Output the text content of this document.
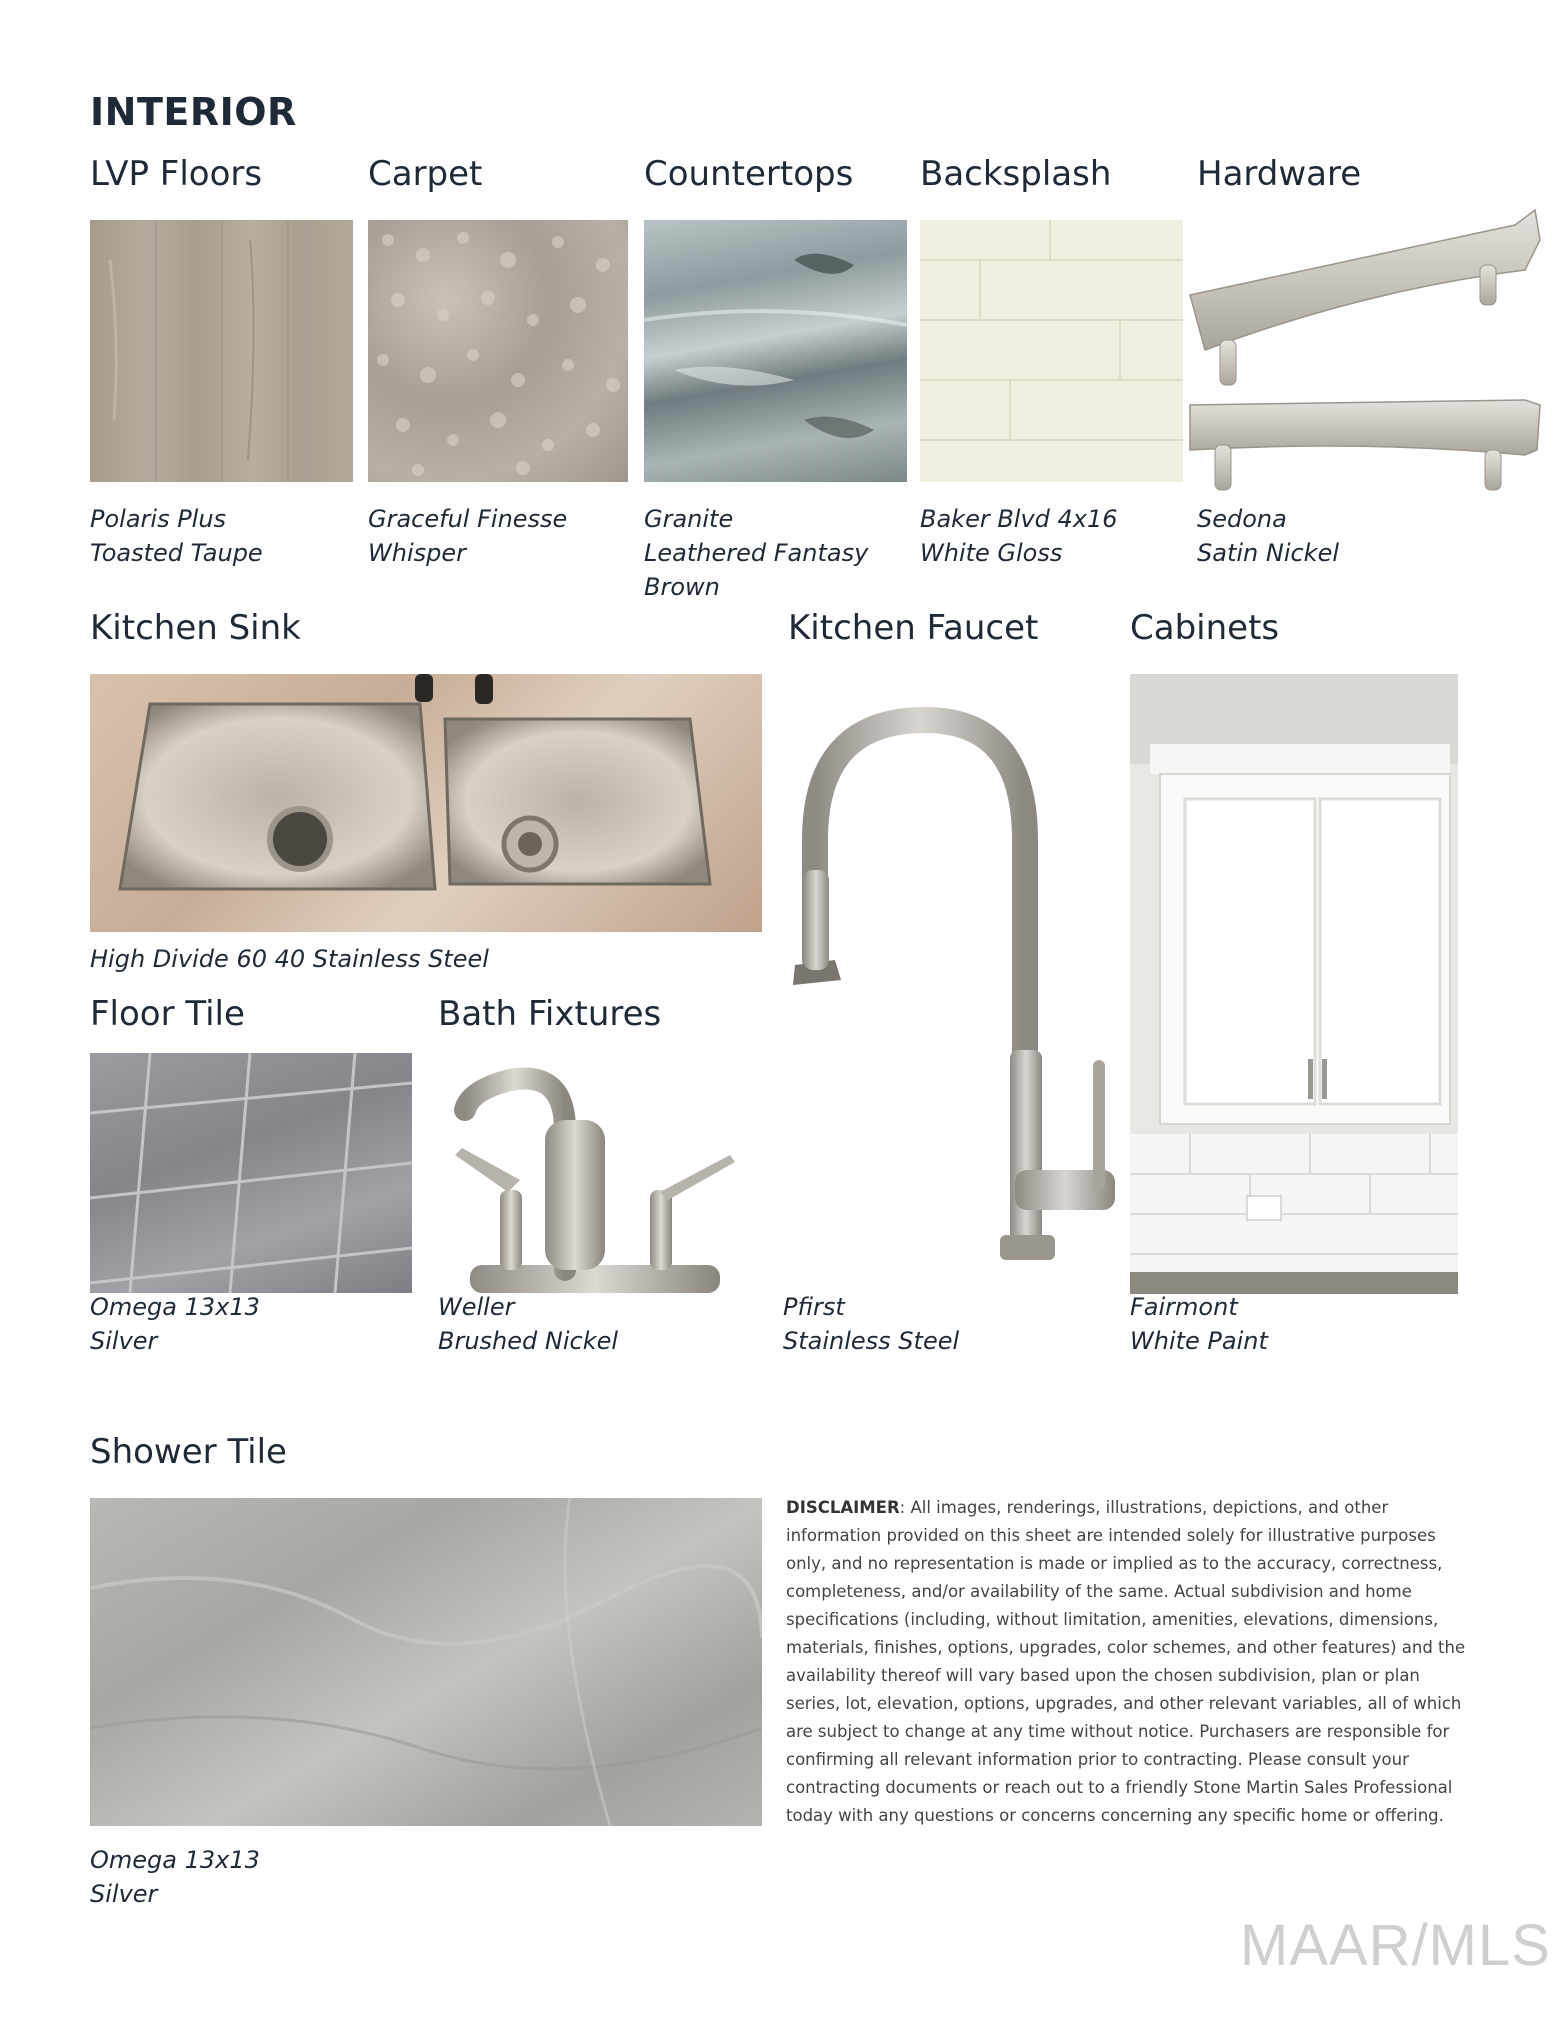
INTERIOR
LVP Floors	Carpet	Countertops Backsplash	Hardware
Polaris Plus
Toasted Taupe
Graceful Finesse
Whisper
Granite
Leathered Fantasy
Brown
Baker Blvd 4x16
White Gloss
Sedona
Satin Nickel
Kitchen Sink	Kitchen Faucet	Cabinets
High Divide 60 40 Stainless Steel
Floor Tile	Bath Fixtures
Omega 13x13
Silver
Weller
Brushed Nickel
Pfirst
Stainless Steel
Fairmont
White Paint
Shower Tile
Omega 13x13
Silver
DISCLAIMER: All images, renderings, illustrations, depictions, and other information provided on this sheet are intended solely for illustrative purposes only, and no representation is made or implied as to the accuracy, correctness, completeness, and/or availability of the same. Actual subdivision and home specifications (including, without limitation, amenities, elevations, dimensions, materials, finishes, options, upgrades, color schemes, and other features) and the availability thereof will vary based upon the chosen subdivision, plan or plan series, lot, elevation, options, upgrades, and other relevant variables, all of which are subject to change at any time without notice. Purchasers are responsible for confirming all relevant information prior to contracting. Please consult your contracting documents or reach out to a friendly Stone Martin Sales Professional today with any questions or concerns concerning any specific home or offering.
MAAR/MLS
